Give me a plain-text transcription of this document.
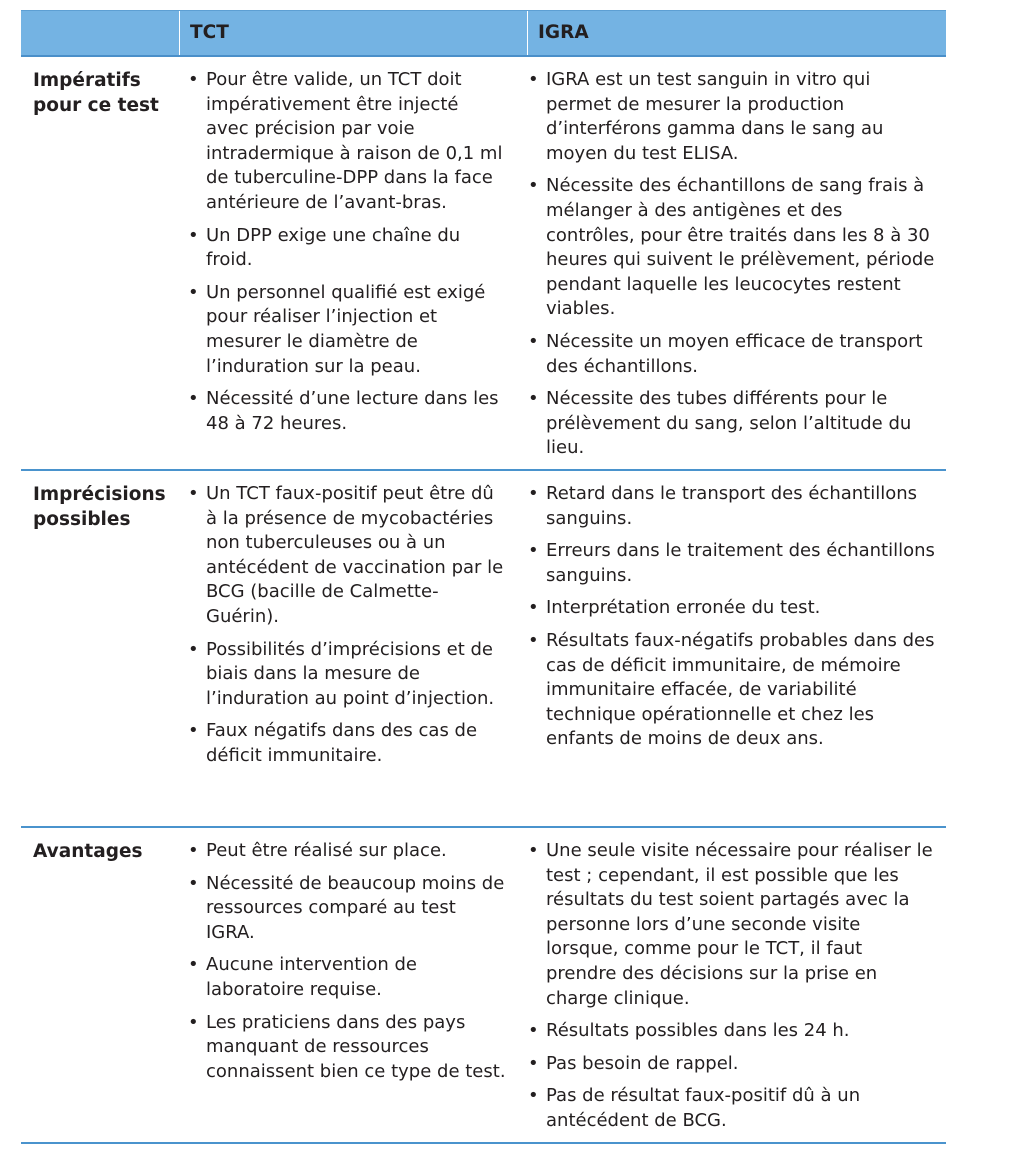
TCT	IGRA
Impératifs pour ce test
• Pour être valide, un TCT doit impérativement être injecté avec précision par voie intradermique à raison de 0,1 ml de tuberculine-DPP dans la face antérieure de l’avant-bras.
• Un DPP exige une chaîne du froid.
• Un personnel qualifié est exigé pour réaliser l’injection et mesurer le diamètre de l’induration sur la peau.
• Nécessité d’une lecture dans les 48 à 72 heures.
• IGRA est un test sanguin in vitro qui permet de mesurer la production d’interférons gamma dans le sang au moyen du test ELISA.
• Nécessite des échantillons de sang frais à mélanger à des antigènes et des contrôles, pour être traités dans les 8 à 30 heures qui suivent le prélèvement, période pendant laquelle les leucocytes restent viables.
• Nécessite un moyen efficace de transport des échantillons.
• Nécessite des tubes différents pour le prélèvement du sang, selon l’altitude du lieu.
Imprécisions possibles
• Un TCT faux-positif peut être dû à la présence de mycobactéries non tuberculeuses ou à un antécédent de vaccination par le BCG (bacille de Calmette-Guérin).
• Possibilités d’imprécisions et de biais dans la mesure de l’induration au point d’injection.
• Faux négatifs dans des cas de déficit immunitaire.
• Retard dans le transport des échantillons sanguins.
• Erreurs dans le traitement des échantillons sanguins.
• Interprétation erronée du test.
• Résultats faux-négatifs probables dans des cas de déficit immunitaire, de mémoire immunitaire effacée, de variabilité technique opérationnelle et chez les enfants de moins de deux ans.
Avantages
•	Peut être réalisé sur place.
• Nécessité de beaucoup moins de ressources comparé au test IGRA.
• Aucune intervention de laboratoire requise.
• Les praticiens dans des pays manquant de ressources connaissent bien ce type de test.
• Une seule visite nécessaire pour réaliser le test ; cependant, il est possible que les résultats du test soient partagés avec la personne lors d’une seconde visite lorsque, comme pour le TCT, il faut prendre des décisions sur la prise en charge clinique.
• Résultats possibles dans les 24 h.
• Pas besoin de rappel.
• Pas de résultat faux-positif dû à un antécédent de BCG.
